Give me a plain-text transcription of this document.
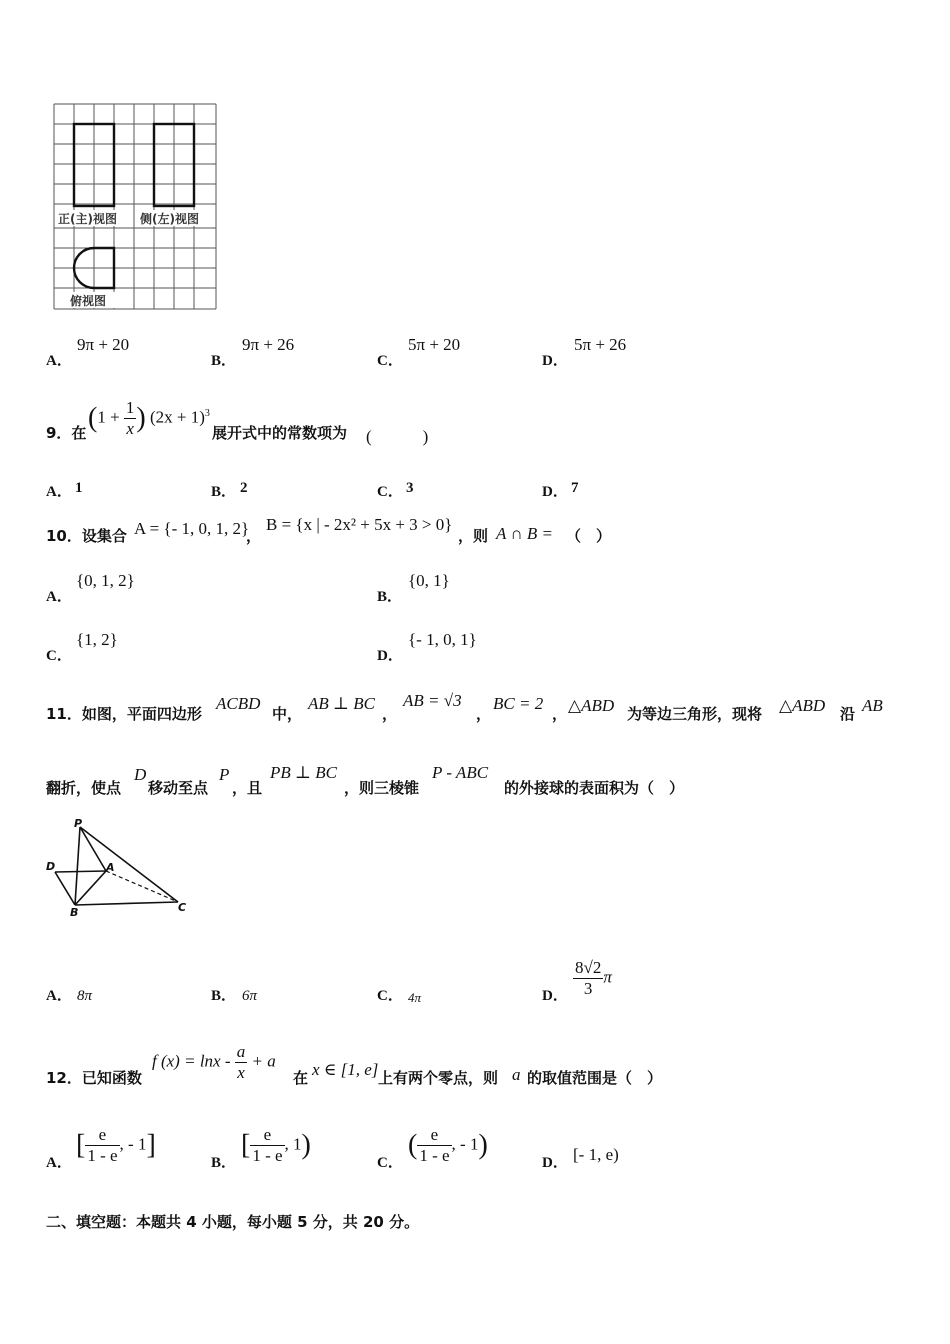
正(主)视图 侧(左)视图
俯视图
A．
9π + 20
B．
9π + 26
C．
5π + 20
D．
5π + 26
9．在 ($1 + \frac{1}{x}$ ) $(2x + 1)^3$
展开式中的常数项为 (　　　)
A． 1	B． 2	C． 3	D． 7
10．设集合 A = {- 1, 0, 1, 2}
，
B = {x | - 2x² + 5x + 3 > 0}
，则 A ∩ B = （　）
A．
{0, 1, 2}
B．
{0, 1}
C．
{1, 2}
D．
{- 1, 0, 1}
11．如图，平面四边形
ACBD
中，
AB ⊥ BC
，
AB = √3
，
BC = 2
， △ABD 为等边三角形，现将 △ABD 沿 AB
翻折，使点
D
移动至点
P
，且
PB ⊥ BC
，则三棱锥
P - ABC
的外接球的表面积为（　）
P
D	A
B	C
A． 8π	B． 6π	C． 4π	D． $\frac{8√2}{3}$ π
12．已知函数
f $(x) = \ln x - \frac{a}{x} + a$
在 x ∈ [1, e] 上有两个零点，则 a 的取值范围是（　）
A．
[ $\frac{e}{1 - e}$ , - 1]
B．
[ $\frac{e}{1 - e}$ , 1)
C．
( $\frac{e}{1 - e}$ , - 1)
D． [- 1, e)
二、填空题：本题共 4 小题，每小题 5 分，共 20 分。
